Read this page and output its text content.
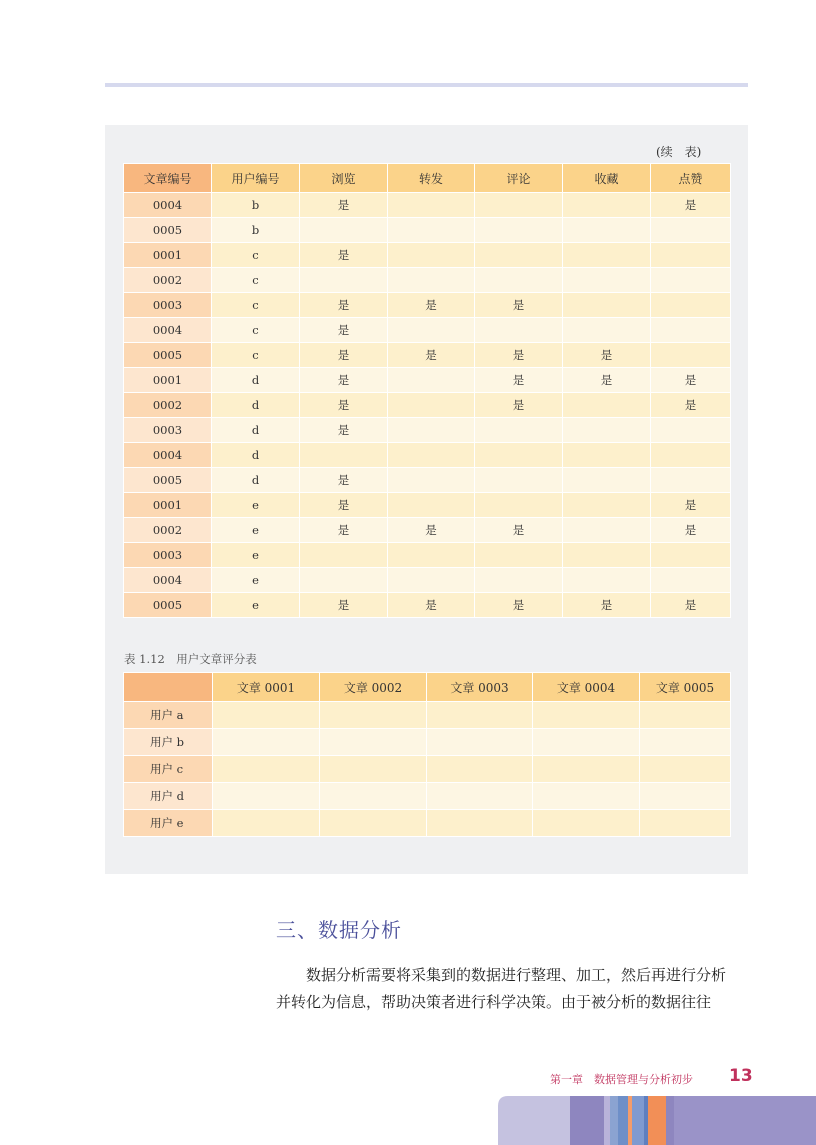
(续　表)
文章编号	用户编号	浏览	转发	评论	收藏	点赞
0004	b	是				是
0005	b					
0001	c	是				
0002	c					
0003	c	是	是	是		
0004	c	是				
0005	c	是	是	是	是	
0001	d	是		是	是	是
0002	d	是		是		是
0003	d	是				
0004	d					
0005	d	是				
0001	e	是				是
0002	e	是	是	是		是
0003	e					
0004	e					
0005	e	是	是	是	是	是
表 1.12　用户文章评分表
	文章 0001	文章 0002	文章 0003	文章 0004	文章 0005
用户 a					
用户 b					
用户 c					
用户 d					
用户 e					
三、数据分析

　　数据分析需要将采集到的数据进行整理、加工，然后再进行分析

并转化为信息，帮助决策者进行科学决策。由于被分析的数据往往

第一章　数据管理与分析初步 13
